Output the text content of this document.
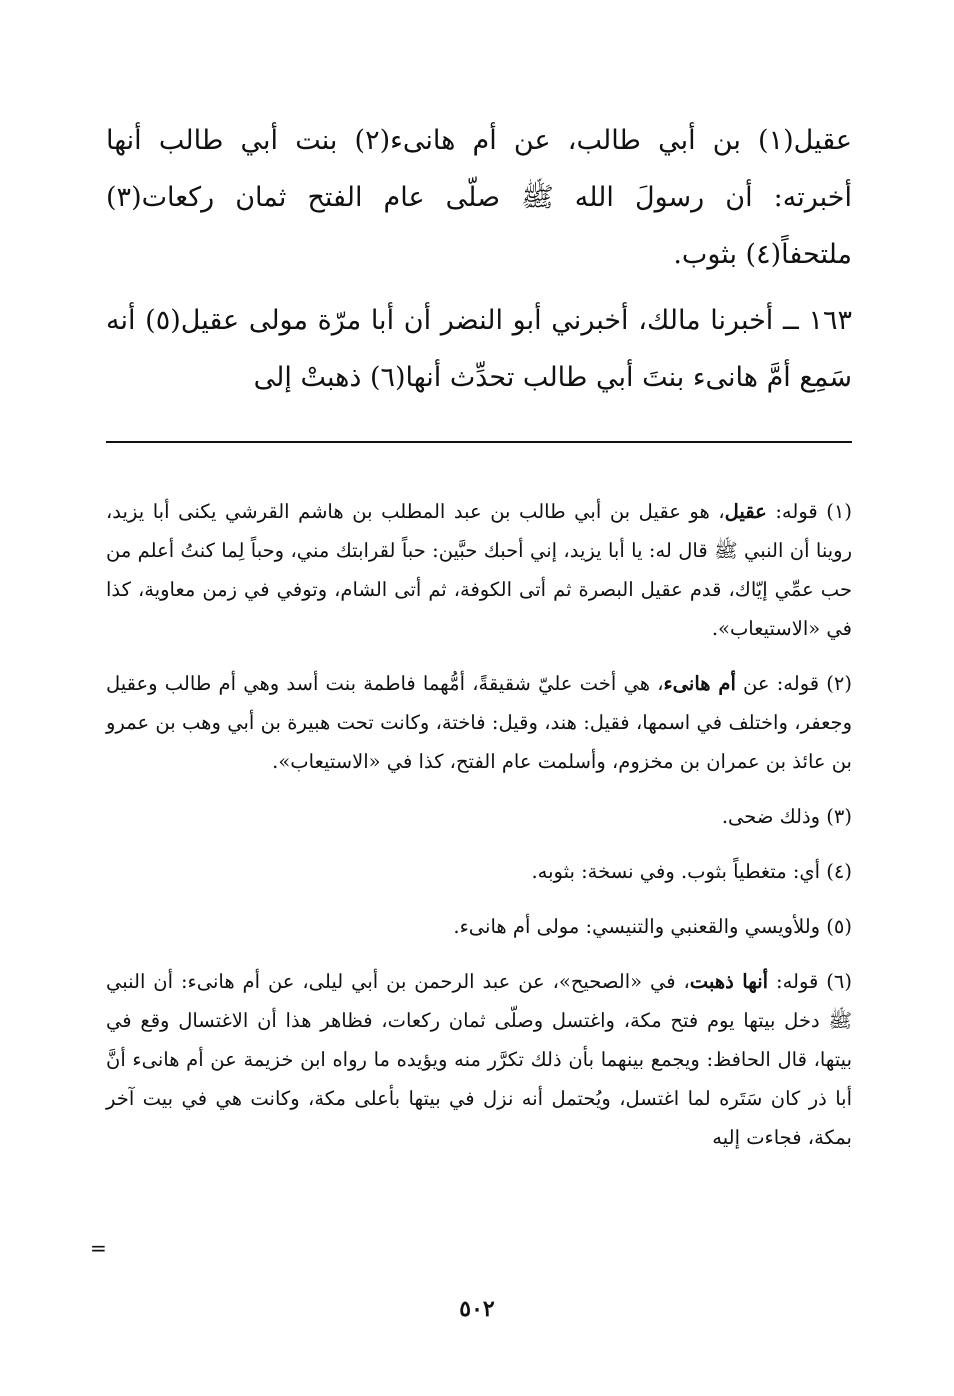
عقيل(١) بن أبي طالب، عن أم هانىء(٢) بنت أبي طالب أنها أخبرته: أن رسولَ الله ﷺ صلّى عام الفتح ثمان ركعات(٣) ملتحفاً(٤) بثوب.

١٦٣ ــ أخبرنا مالك، أخبرني أبو النضر أن أبا مرّة مولى عقيل(٥) أنه سَمِع أمَّ هانىء بنتَ أبي طالب تحدِّث أنها(٦) ذهبتْ إلى

(١) قوله: عقيل، هو عقيل بن أبي طالب بن عبد المطلب بن هاشم القرشي يكنى أبا يزيد، روينا أن النبي ﷺ قال له: يا أبا يزيد، إني أحبك حبَّين: حباً لقرابتك مني، وحباً لِما كنتُ أعلم من حب عمِّي إيّاك، قدم عقيل البصرة ثم أتى الكوفة، ثم أتى الشام، وتوفي في زمن معاوية، كذا في «الاستيعاب».

(٢) قوله: عن أم هانىء، هي أخت عليّ شقيقةً، أمُّهما فاطمة بنت أسد وهي أم طالب وعقيل وجعفر، واختلف في اسمها، فقيل: هند، وقيل: فاختة، وكانت تحت هبيرة بن أبي وهب بن عمرو بن عائذ بن عمران بن مخزوم، وأسلمت عام الفتح، كذا في «الاستيعاب».

(٣) وذلك ضحى.

(٤) أي: متغطياً بثوب. وفي نسخة: بثوبه.

(٥) وللأويسي والقعنبي والتنيسي: مولى أم هانىء.

(٦) قوله: أنها ذهبت، في «الصحيح»، عن عبد الرحمن بن أبي ليلى، عن أم هانىء: أن النبي ﷺ دخل بيتها يوم فتح مكة، واغتسل وصلّى ثمان ركعات، فظاهر هذا أن الاغتسال وقع في بيتها، قال الحافظ: ويجمع بينهما بأن ذلك تكرَّر منه ويؤيده ما رواه ابن خزيمة عن أم هانىء أنَّ أبا ذر كان سَتَره لما اغتسل، ويُحتمل أنه نزل في بيتها بأعلى مكة، وكانت هي في بيت آخر بمكة، فجاءت إليه

=
٥٠٢
